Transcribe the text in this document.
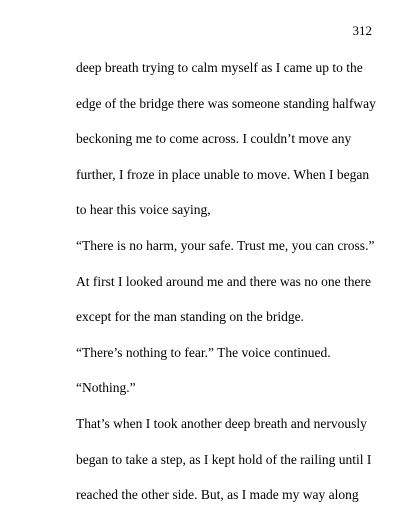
312
deep breath trying to calm myself as I came up to the
edge of the bridge there was someone standing halfway
beckoning me to come across. I couldn’t move any
further, I froze in place unable to move. When I began
to hear this voice saying,
“There is no harm, your safe. Trust me, you can cross.”
At first I looked around me and there was no one there
except for the man standing on the bridge.
“There’s nothing to fear.” The voice continued.
“Nothing.”
That’s when I took another deep breath and nervously
began to take a step, as I kept hold of the railing until I
reached the other side. But, as I made my way along
